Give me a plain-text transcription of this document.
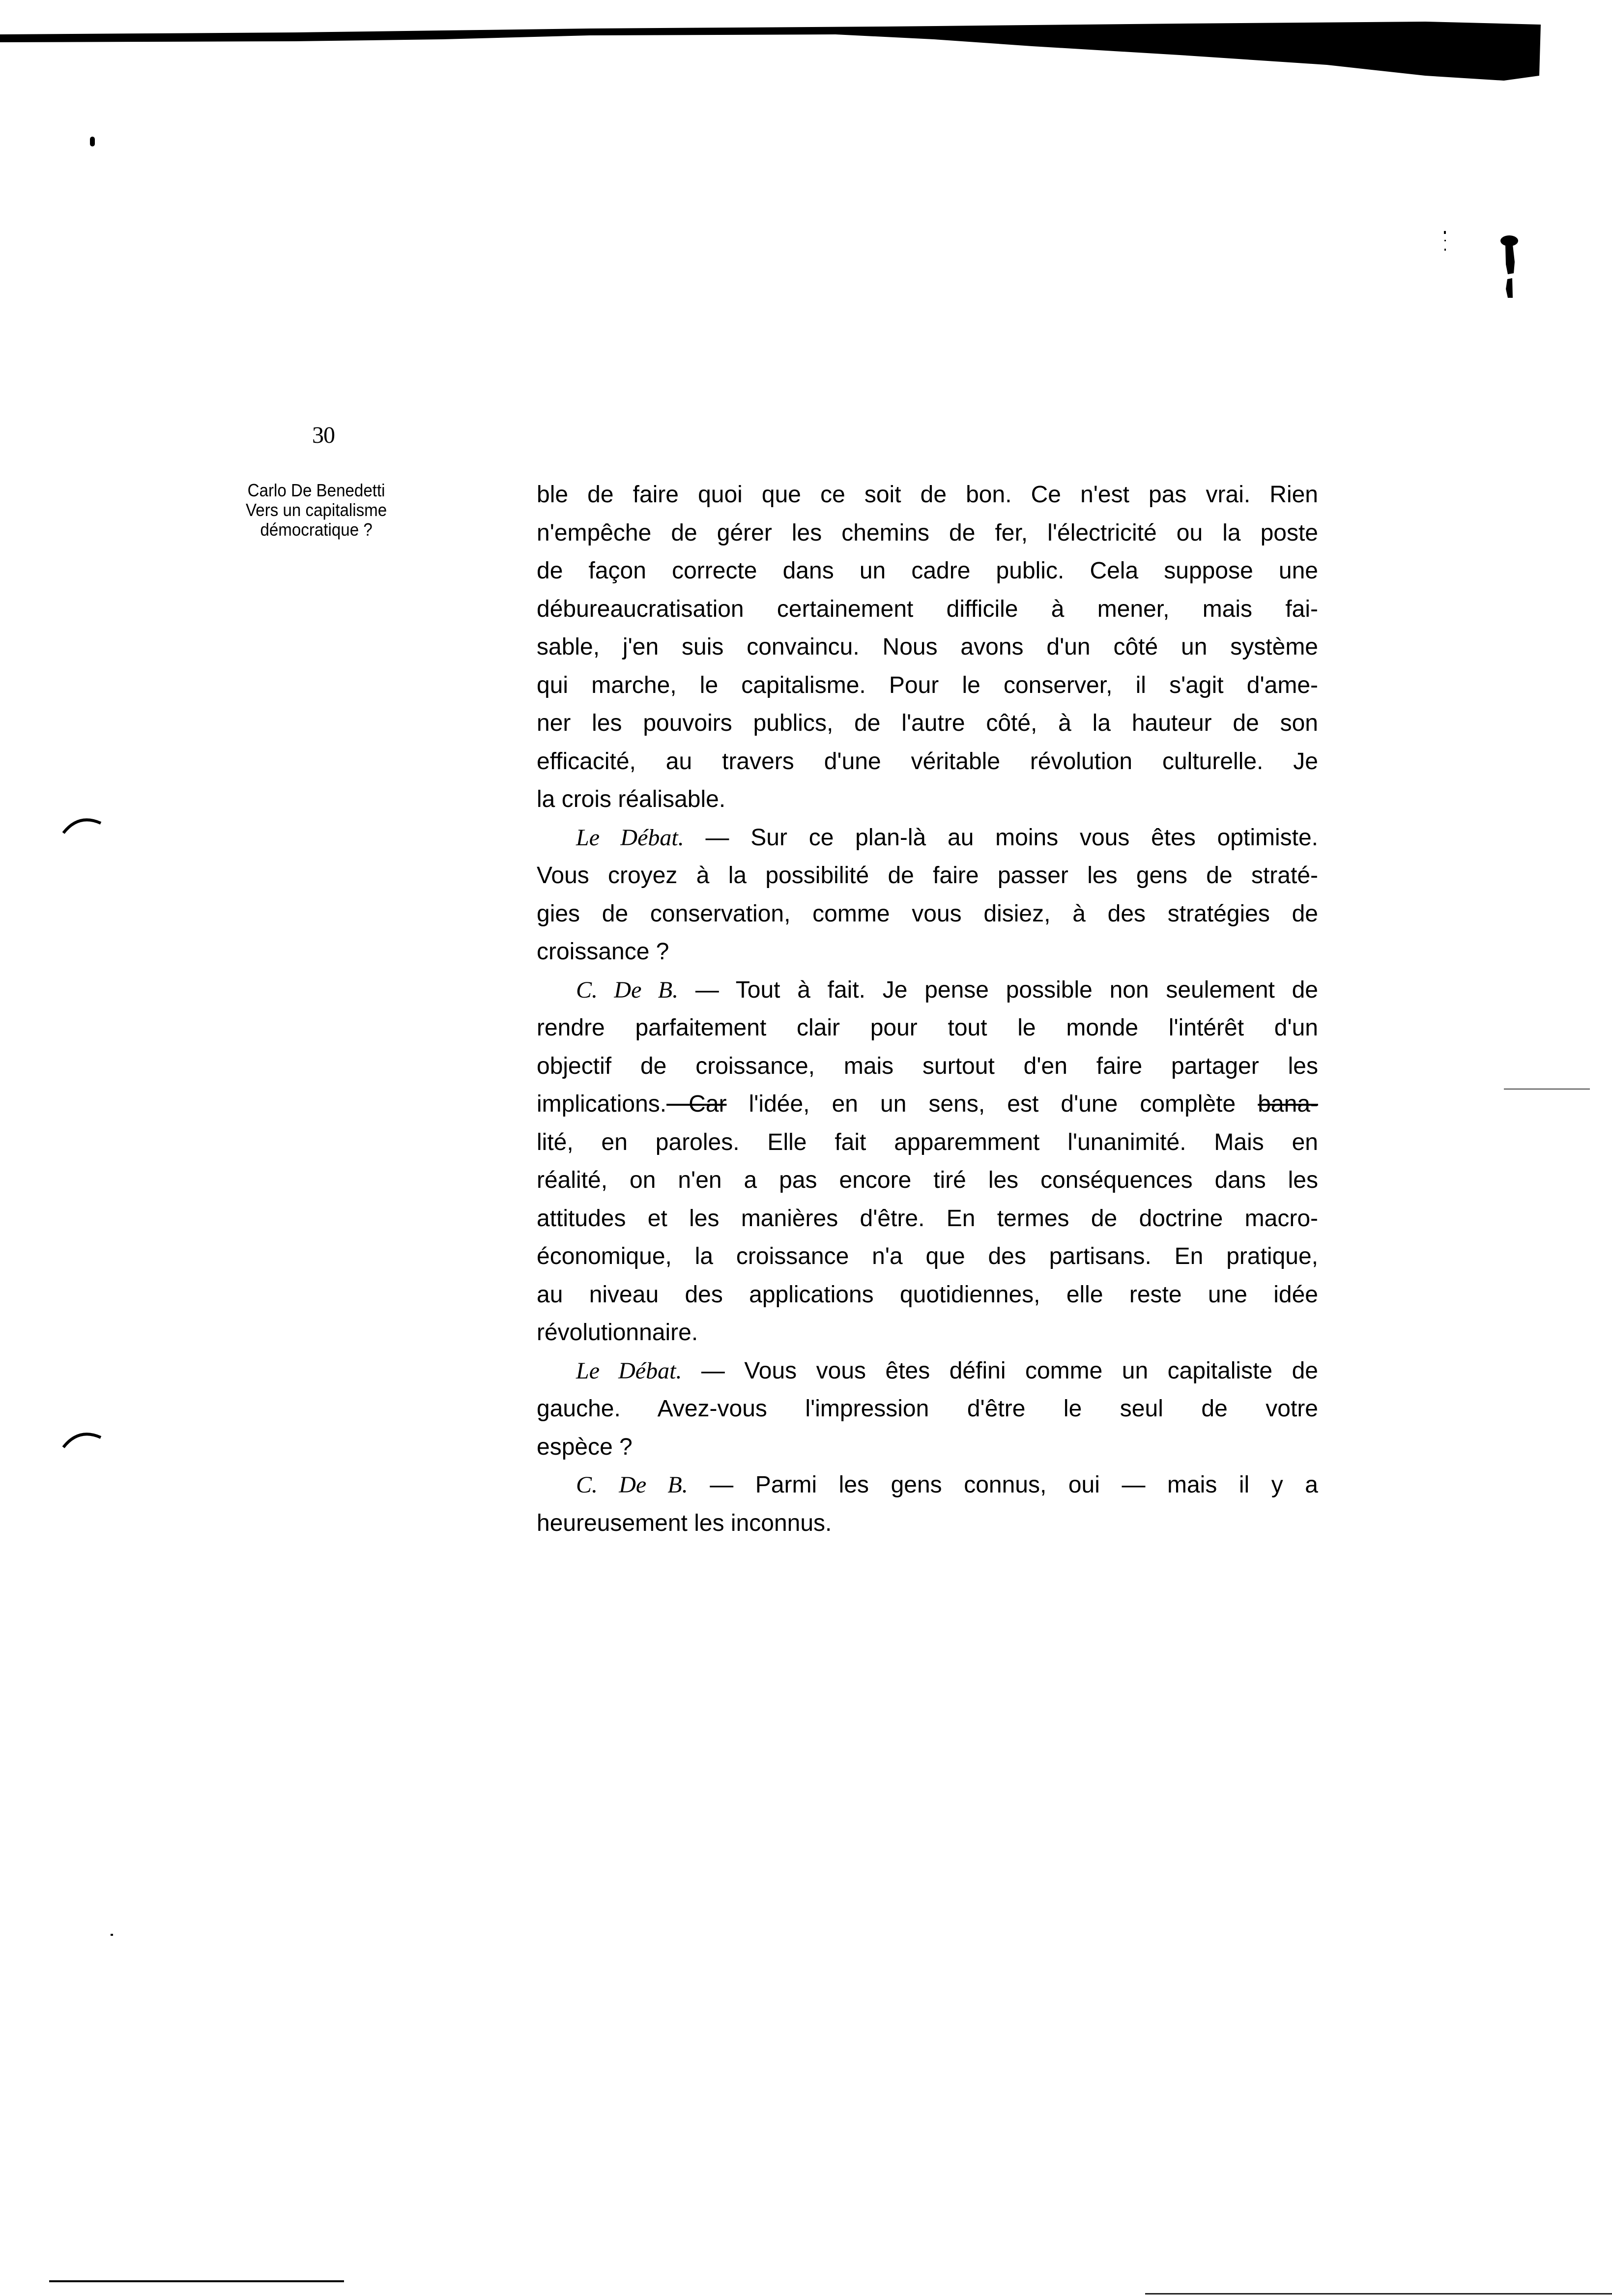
30
Carlo De Benedetti
Vers un capitalisme
démocratique ?
ble de faire quoi que ce soit de bon. Ce n'est pas vrai. Rien
n'empêche de gérer les chemins de fer, l'électricité ou la poste
de façon correcte dans un cadre public. Cela suppose une
débureaucratisation certainement difficile à mener, mais fai-
sable, j'en suis convaincu. Nous avons d'un côté un système
qui marche, le capitalisme. Pour le conserver, il s'agit d'ame-
ner les pouvoirs publics, de l'autre côté, à la hauteur de son
efficacité, au travers d'une véritable révolution culturelle. Je
la crois réalisable.
Le Débat. — Sur ce plan-là au moins vous êtes optimiste.
Vous croyez à la possibilité de faire passer les gens de straté-
gies de conservation, comme vous disiez, à des stratégies de
croissance ?
C. De B. — Tout à fait. Je pense possible non seulement de
rendre parfaitement clair pour tout le monde l'intérêt d'un
objectif de croissance, mais surtout d'en faire partager les
implications. Car l'idée, en un sens, est d'une complète bana-
lité, en paroles. Elle fait apparemment l'unanimité. Mais en
réalité, on n'en a pas encore tiré les conséquences dans les
attitudes et les manières d'être. En termes de doctrine macro-
économique, la croissance n'a que des partisans. En pratique,
au niveau des applications quotidiennes, elle reste une idée
révolutionnaire.
Le Débat. — Vous vous êtes défini comme un capitaliste de
gauche. Avez-vous l'impression d'être le seul de votre
espèce ?
C. De B. — Parmi les gens connus, oui — mais il y a
heureusement les inconnus.
